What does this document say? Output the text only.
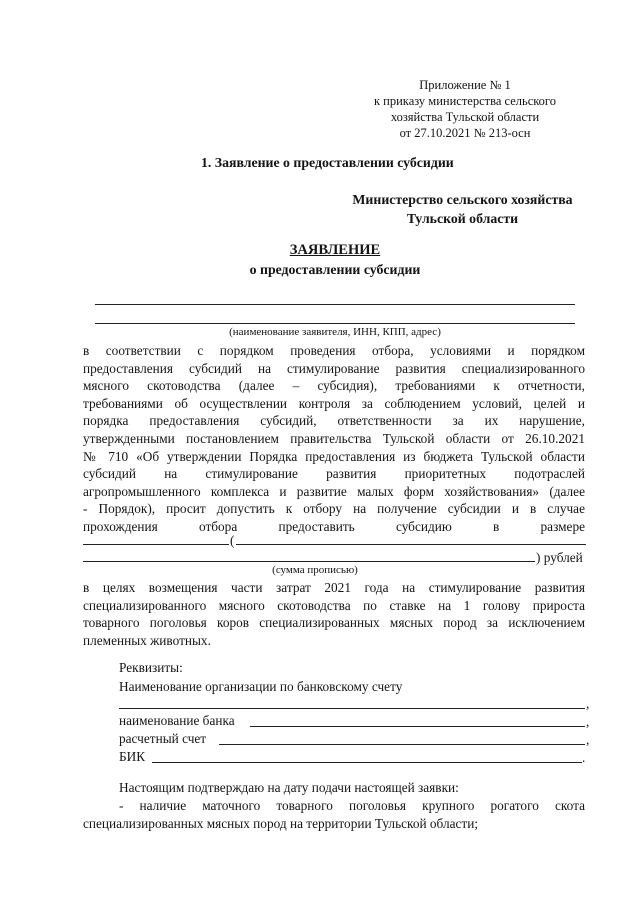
Приложение № 1
к приказу министерства сельского
хозяйства Тульской области
от 27.10.2021 № 213-осн
1. Заявление о предоставлении субсидии
Министерство сельского хозяйства
Тульской области
ЗАЯВЛЕНИЕ
о предоставлении субсидии
(наименование заявителя, ИНН, КПП, адрес)
в соответствии с порядком проведения отбора, условиями и порядком
предоставления субсидий на стимулирование развития специализированного
мясного скотоводства (далее – субсидия), требованиями к отчетности,
требованиями об осуществлении контроля за соблюдением условий, целей и
порядка предоставления субсидий, ответственности за их нарушение,
утвержденными постановлением правительства Тульской области от 26.10.2021
№ 710 «Об утверждении Порядка предоставления из бюджета Тульской области
субсидий на стимулирование развития приоритетных подотраслей
агропромышленного комплекса и развитие малых форм хозяйствования» (далее
- Порядок), просит допустить к отбору на получение субсидии и в случае
прохождения отбора предоставить субсидию в размере
(
) рублей
(сумма прописью)
в целях возмещения части затрат 2021 года на стимулирование развития
специализированного мясного скотоводства по ставке на 1 голову прироста
товарного поголовья коров специализированных мясных пород за исключением
племенных животных.
Реквизиты:
Наименование организации по банковскому счету
,
наименование банка	,
расчетный счет	,
БИК	.
Настоящим подтверждаю на дату подачи настоящей заявки:
- наличие маточного товарного поголовья крупного рогатого скота
специализированных мясных пород на территории Тульской области;
